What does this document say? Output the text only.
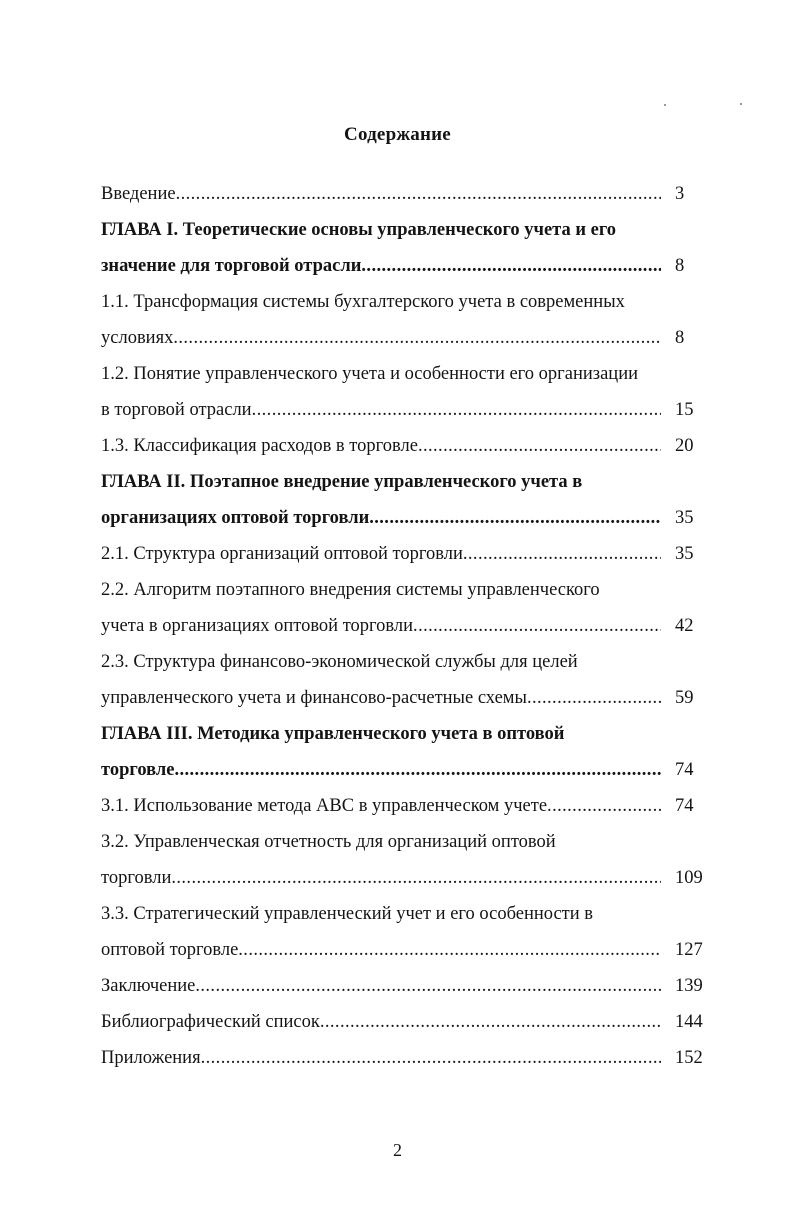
Содержание
Введение .....	3
ГЛАВА I. Теоретические основы управленческого учета и его
значение для торговой отрасли .....	8
1.1. Трансформация системы бухгалтерского учета в современных
условиях .....	8
1.2. Понятие управленческого учета и особенности его организации
в торговой отрасли .....	15
1.3. Классификация расходов в торговле .....	20
ГЛАВА II. Поэтапное внедрение управленческого учета в
организациях оптовой торговли .....	35
2.1. Структура организаций оптовой торговли .....	35
2.2. Алгоритм поэтапного внедрения системы управленческого
учета в организациях оптовой торговли .....	42
2.3. Структура финансово-экономической службы для целей
управленческого учета и финансово-расчетные схемы .....	59
ГЛАВА III. Методика управленческого учета в оптовой
торговле .....	74
3.1. Использование метода АВС в управленческом учете .....	74
3.2. Управленческая отчетность для организаций оптовой
торговли .....	109
3.3. Стратегический управленческий учет и его особенности в
оптовой торговле .....	127
Заключение .....	139
Библиографический список .....	144
Приложения .....	152
2
